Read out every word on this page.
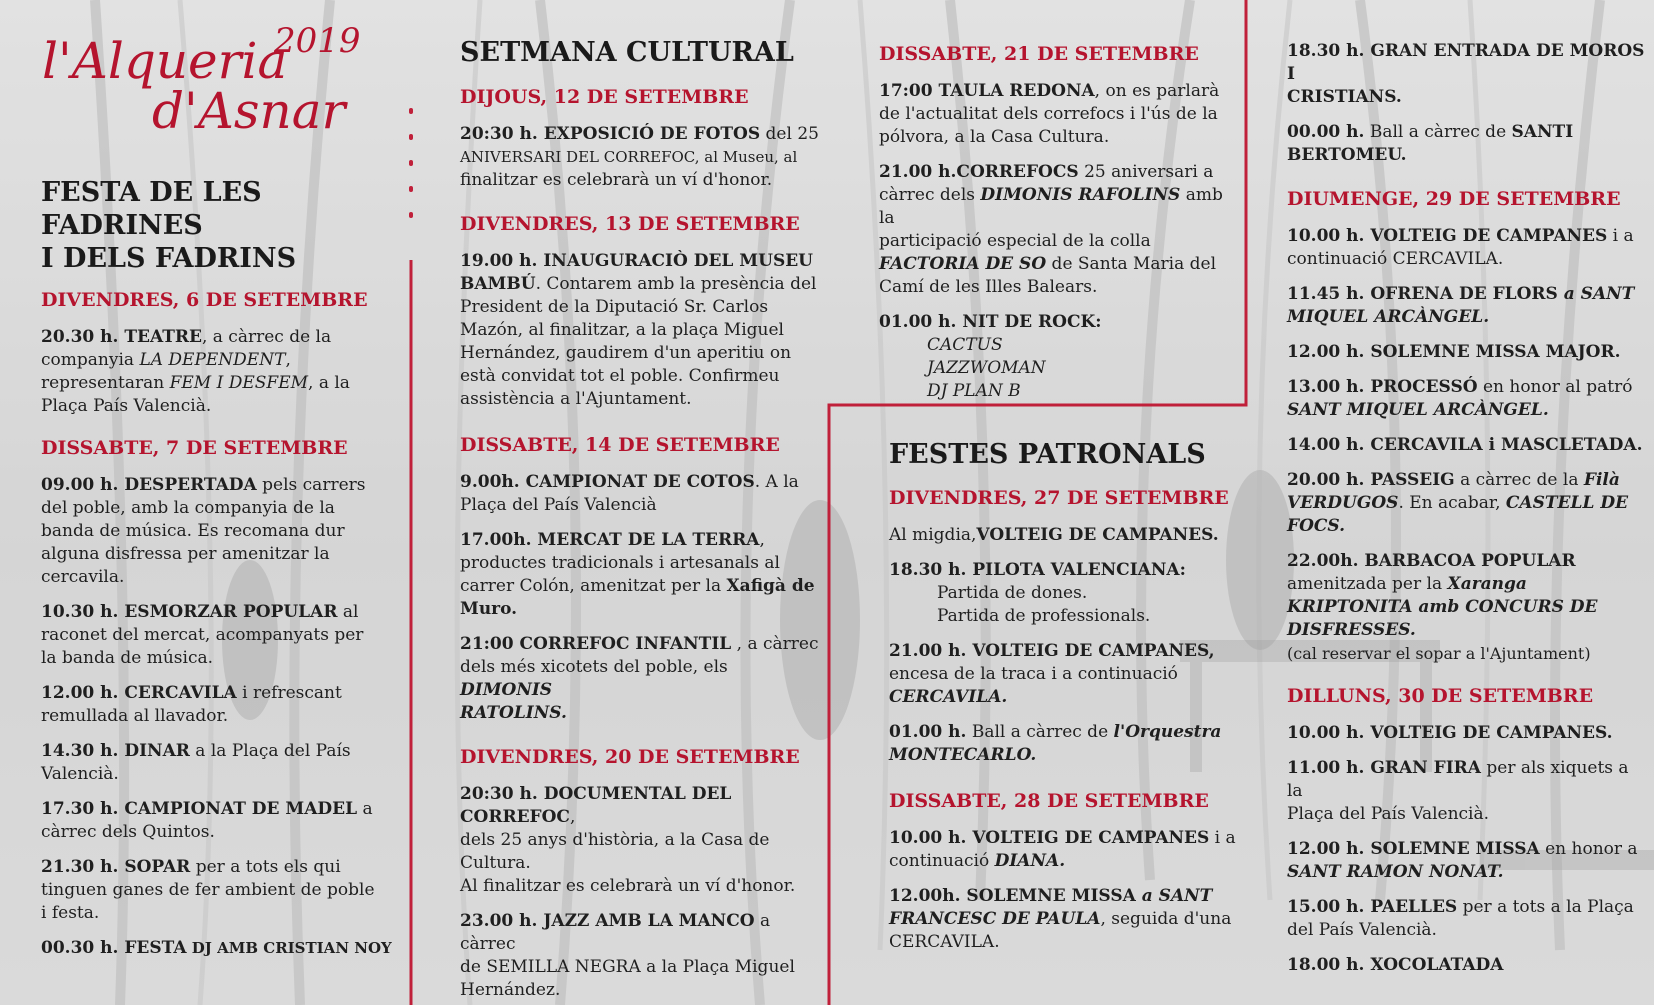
l'Alqueria
d'Asnar
2019

FESTA DE LES FADRINES
I DELS FADRINS

DIVENDRES, 6 DE SETEMBRE

20.30 h. TEATRE, a càrrec de la
companyia LA DEPENDENT,
representaran FEM I DESFEM, a la
Plaça País Valencià.

DISSABTE, 7 DE SETEMBRE

09.00 h. DESPERTADA pels carrers
del poble, amb la companyia de la
banda de música. Es recomana dur
alguna disfressa per amenitzar la
cercavila.

10.30 h. ESMORZAR POPULAR al
raconet del mercat, acompanyats per
la banda de música.

12.00 h. CERCAVILA i refrescant
remullada al llavador.

14.30 h. DINAR a la Plaça del País
Valencià.

17.30 h. CAMPIONAT DE MADEL a
càrrec dels Quintos.

21.30 h. SOPAR per a tots els qui
tinguen ganes de fer ambient de poble
i festa.

00.30 h. FESTA DJ AMB CRISTIAN NOY

SETMANA CULTURAL

DIJOUS, 12 DE SETEMBRE

20:30 h. EXPOSICIÓ DE FOTOS del 25
ANIVERSARI DEL CORREFOC, al Museu, al
finalitzar es celebrarà un ví d'honor.

DIVENDRES, 13 DE SETEMBRE

19.00 h. INAUGURACIÒ DEL MUSEU
BAMBÚ. Contarem amb la presència del
President de la Diputació Sr. Carlos
Mazón, al finalitzar, a la plaça Miguel
Hernández, gaudirem d'un aperitiu on
està convidat tot el poble. Confirmeu
assistència a l'Ajuntament.

DISSABTE, 14 DE SETEMBRE

9.00h. CAMPIONAT DE COTOS. A la
Plaça del País Valencià

17.00h. MERCAT DE LA TERRA,
productes tradicionals i artesanals al
carrer Colón, amenitzat per la Xafigà de
Muro.

21:00 CORREFOC INFANTIL , a càrrec
dels més xicotets del poble, els DIMONIS
RATOLINS.

DIVENDRES, 20 DE SETEMBRE

20:30 h. DOCUMENTAL DEL CORREFOC,
dels 25 anys d'història, a la Casa de Cultura.
Al finalitzar es celebrarà un ví d'honor.

23.00 h. JAZZ AMB LA MANCO a càrrec
de SEMILLA NEGRA a la Plaça Miguel
Hernández.

DISSABTE, 21 DE SETEMBRE

17:00 TAULA REDONA, on es parlarà
de l'actualitat dels correfocs i l'ús de la
pólvora, a la Casa Cultura.

21.00 h.CORREFOCS 25 aniversari a
càrrec dels DIMONIS RAFOLINS amb la
participació especial de la colla
FACTORIA DE SO de Santa Maria del
Camí de les Illes Balears.

01.00 h. NIT DE ROCK:
CACTUS
JAZZWOMAN
DJ PLAN B

FESTES PATRONALS

DIVENDRES, 27 DE SETEMBRE

Al migdia,VOLTEIG DE CAMPANES.

18.30 h. PILOTA VALENCIANA:
Partida de dones.
Partida de professionals.

21.00 h. VOLTEIG DE CAMPANES,
encesa de la traca i a continuació
CERCAVILA.

01.00 h. Ball a càrrec de l'Orquestra
MONTECARLO.

DISSABTE, 28 DE SETEMBRE

10.00 h. VOLTEIG DE CAMPANES i a
continuació DIANA.

12.00h. SOLEMNE MISSA a SANT
FRANCESC DE PAULA, seguida d'una
CERCAVILA.

18.30 h. GRAN ENTRADA DE MOROS I
CRISTIANS.

00.00 h. Ball a càrrec de SANTI
BERTOMEU.

DIUMENGE, 29 DE SETEMBRE

10.00 h. VOLTEIG DE CAMPANES i a
continuació CERCAVILA.

11.45 h. OFRENA DE FLORS a SANT
MIQUEL ARCÀNGEL.

12.00 h. SOLEMNE MISSA MAJOR.

13.00 h. PROCESSÓ en honor al patró
SANT MIQUEL ARCÀNGEL.

14.00 h. CERCAVILA i MASCLETADA.

20.00 h. PASSEIG a càrrec de la Filà
VERDUGOS. En acabar, CASTELL DE
FOCS.

22.00h. BARBACOA POPULAR
amenitzada per la Xaranga
KRIPTONITA amb CONCURS DE
DISFRESSES.
(cal reservar el sopar a l'Ajuntament)

DILLUNS, 30 DE SETEMBRE

10.00 h. VOLTEIG DE CAMPANES.

11.00 h. GRAN FIRA per als xiquets a la
Plaça del País Valencià.

12.00 h. SOLEMNE MISSA en honor a
SANT RAMON NONAT.

15.00 h. PAELLES per a tots a la Plaça
del País Valencià.

18.00 h. XOCOLATADA
